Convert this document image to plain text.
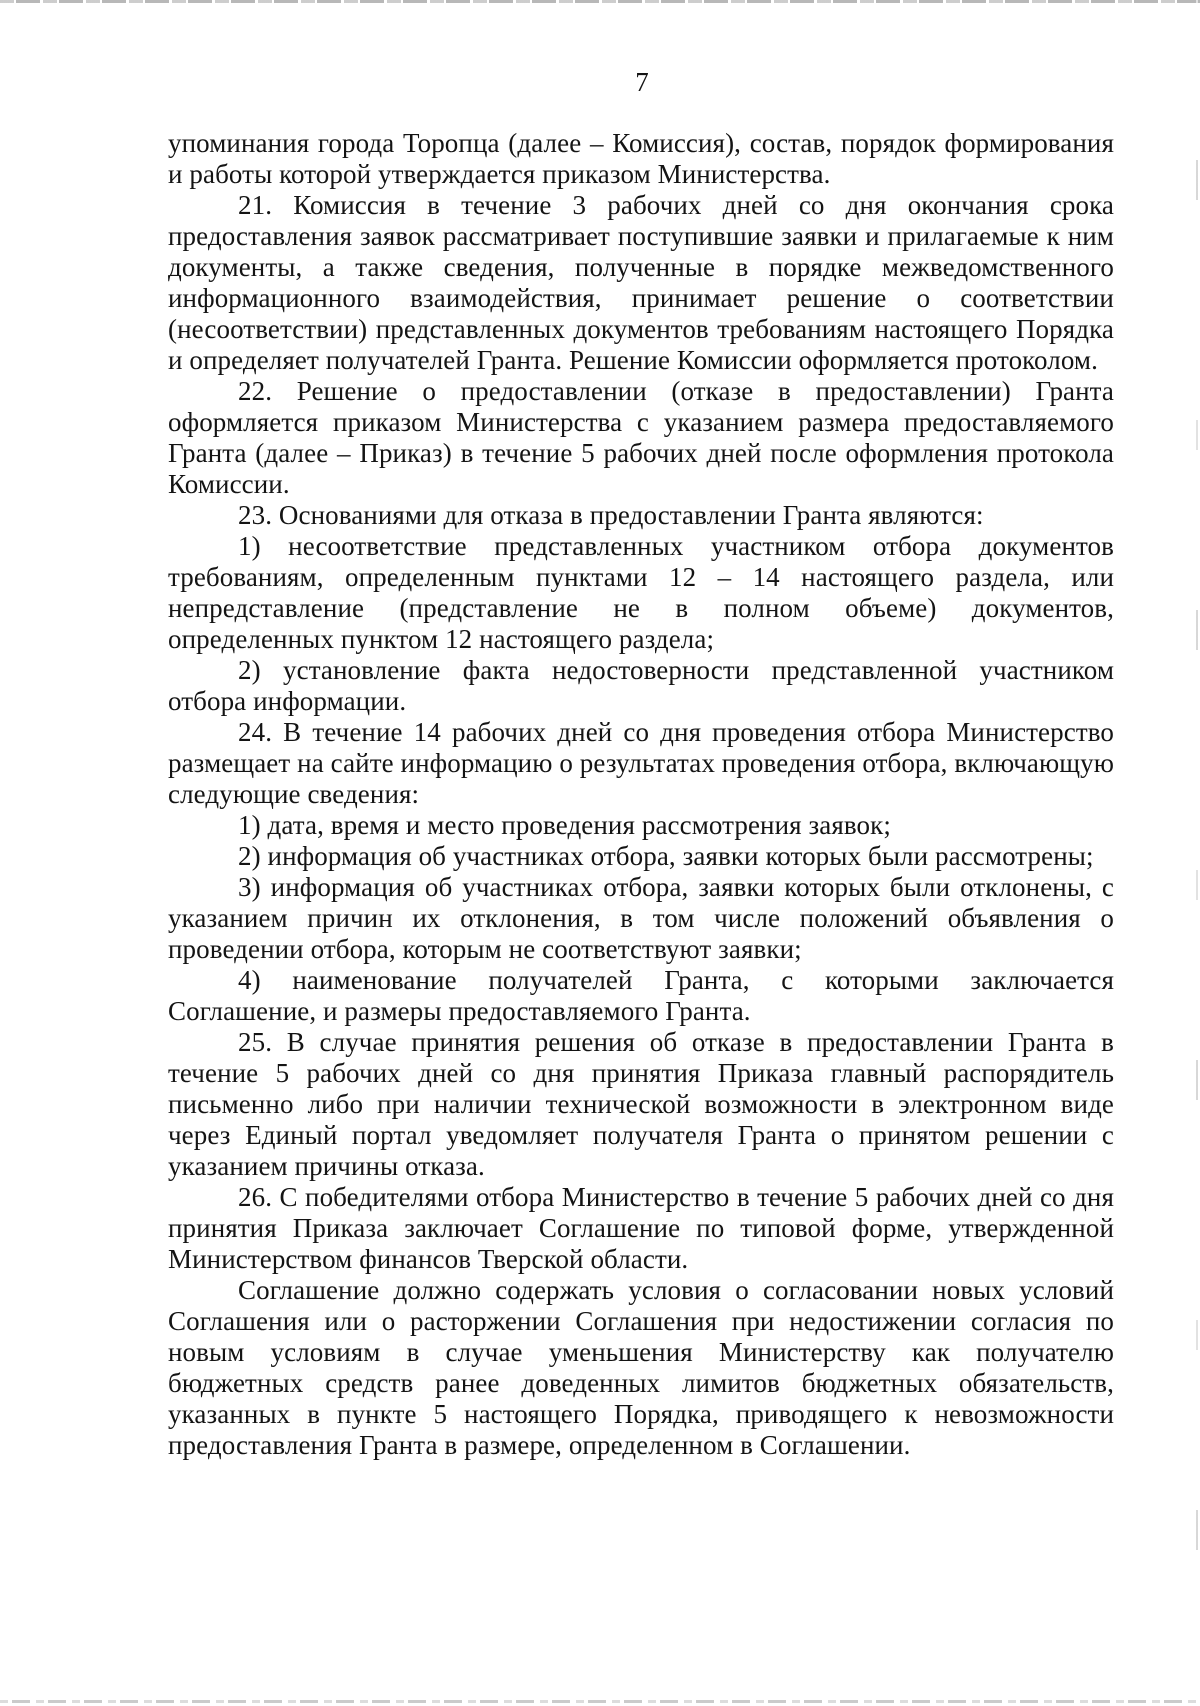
7

упоминания города Торопца (далее – Комиссия), состав, порядок формирования и работы которой утверждается приказом Министерства.

21. Комиссия в течение 3 рабочих дней со дня окончания срока предоставления заявок рассматривает поступившие заявки и прилагаемые к ним документы, а также сведения, полученные в порядке межведомственного информационного взаимодействия, принимает решение о соответствии (несоответствии) представленных документов требованиям настоящего Порядка и определяет получателей Гранта. Решение Комиссии оформляется протоколом.

22. Решение о предоставлении (отказе в предоставлении) Гранта оформляется приказом Министерства с указанием размера предоставляемого Гранта (далее – Приказ) в течение 5 рабочих дней после оформления протокола Комиссии.

23. Основаниями для отказа в предоставлении Гранта являются:

1) несоответствие представленных участником отбора документов требованиям, определенным пунктами 12 – 14 настоящего раздела, или непредставление (представление не в полном объеме) документов, определенных пунктом 12 настоящего раздела;

2) установление факта недостоверности представленной участником отбора информации.

24. В течение 14 рабочих дней со дня проведения отбора Министерство размещает на сайте информацию о результатах проведения отбора, включающую следующие сведения:

1) дата, время и место проведения рассмотрения заявок;

2) информация об участниках отбора, заявки которых были рассмотрены;

3) информация об участниках отбора, заявки которых были отклонены, с указанием причин их отклонения, в том числе положений объявления о проведении отбора, которым не соответствуют заявки;

4) наименование получателей Гранта, с которыми заключается Соглашение, и размеры предоставляемого Гранта.

25. В случае принятия решения об отказе в предоставлении Гранта в течение 5 рабочих дней со дня принятия Приказа главный распорядитель письменно либо при наличии технической возможности в электронном виде через Единый портал уведомляет получателя Гранта о принятом решении с указанием причины отказа.

26. С победителями отбора Министерство в течение 5 рабочих дней со дня принятия Приказа заключает Соглашение по типовой форме, утвержденной Министерством финансов Тверской области.

Соглашение должно содержать условия о согласовании новых условий Соглашения или о расторжении Соглашения при недостижении согласия по новым условиям в случае уменьшения Министерству как получателю бюджетных средств ранее доведенных лимитов бюджетных обязательств, указанных в пункте 5 настоящего Порядка, приводящего к невозможности предоставления Гранта в размере, определенном в Соглашении.
